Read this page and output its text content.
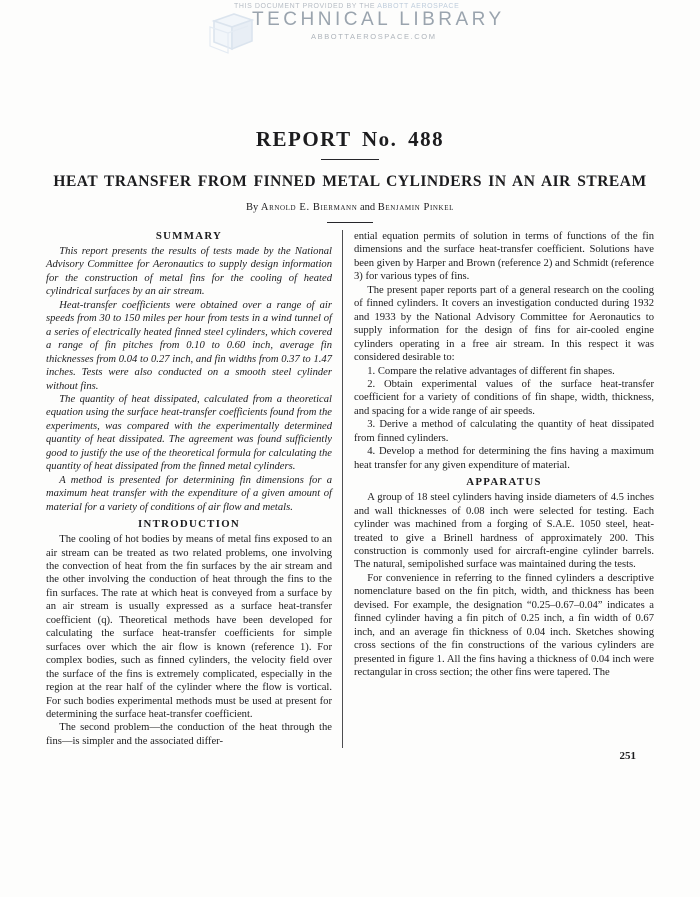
THIS DOCUMENT PROVIDED BY THE ABBOTT AEROSPACE
TECHNICAL LIBRARY
ABBOTTAEROSPACE.COM
REPORT No. 488
HEAT TRANSFER FROM FINNED METAL CYLINDERS IN AN AIR STREAM
By Arnold E. Biermann and Benjamin Pinkel
SUMMARY

This report presents the results of tests made by the National Advisory Committee for Aeronautics to supply design information for the construction of metal fins for the cooling of heated cylindrical surfaces by an air stream.

Heat-transfer coefficients were obtained over a range of air speeds from 30 to 150 miles per hour from tests in a wind tunnel of a series of electrically heated finned steel cylinders, which covered a range of fin pitches from 0.10 to 0.60 inch, average fin thicknesses from 0.04 to 0.27 inch, and fin widths from 0.37 to 1.47 inches. Tests were also conducted on a smooth steel cylinder without fins.

The quantity of heat dissipated, calculated from a theoretical equation using the surface heat-transfer coefficients found from the experiments, was compared with the experimentally determined quantity of heat dissipated. The agreement was found sufficiently good to justify the use of the theoretical formula for calculating the quantity of heat dissipated from the finned metal cylinders.

A method is presented for determining fin dimensions for a maximum heat transfer with the expenditure of a given amount of material for a variety of conditions of air flow and metals.

INTRODUCTION

The cooling of hot bodies by means of metal fins exposed to an air stream can be treated as two related problems, one involving the convection of heat from the fin surfaces by the air stream and the other involving the conduction of heat through the fins to the fin surfaces. The rate at which heat is conveyed from a surface by an air stream is usually expressed as a surface heat-transfer coefficient (q). Theoretical methods have been developed for calculating the surface heat-transfer coefficients for simple surfaces over which the air flow is known (reference 1). For complex bodies, such as finned cylinders, the velocity field over the surface of the fins is extremely complicated, especially in the region at the rear half of the cylinder where the flow is vortical. For such bodies experimental methods must be used at present for determining the surface heat-transfer coefficient.

The second problem—the conduction of the heat through the fins—is simpler and the associated differ-

ential equation permits of solution in terms of functions of the fin dimensions and the surface heat-transfer coefficient. Solutions have been given by Harper and Brown (reference 2) and Schmidt (reference 3) for various types of fins.

The present paper reports part of a general research on the cooling of finned cylinders. It covers an investigation conducted during 1932 and 1933 by the National Advisory Committee for Aeronautics to supply information for the design of fins for air-cooled engine cylinders operating in a free air stream. In this respect it was considered desirable to:

1. Compare the relative advantages of different fin shapes.

2. Obtain experimental values of the surface heat-transfer coefficient for a variety of conditions of fin shape, width, thickness, and spacing for a wide range of air speeds.

3. Derive a method of calculating the quantity of heat dissipated from finned cylinders.

4. Develop a method for determining the fins having a maximum heat transfer for any given expenditure of material.

APPARATUS

A group of 18 steel cylinders having inside diameters of 4.5 inches and wall thicknesses of 0.08 inch were selected for testing. Each cylinder was machined from a forging of S.A.E. 1050 steel, heat-treated to give a Brinell hardness of approximately 200. This construction is commonly used for aircraft-engine cylinder barrels. The natural, semipolished surface was maintained during the tests.

For convenience in referring to the finned cylinders a descriptive nomenclature based on the fin pitch, width, and thickness has been devised. For example, the designation “0.25–0.67–0.04” indicates a finned cylinder having a fin pitch of 0.25 inch, a fin width of 0.67 inch, and an average fin thickness of 0.04 inch. Sketches showing cross sections of the fin constructions of the various cylinders are presented in figure 1. All the fins having a thickness of 0.04 inch were rectangular in cross section; the other fins were tapered. The

251
